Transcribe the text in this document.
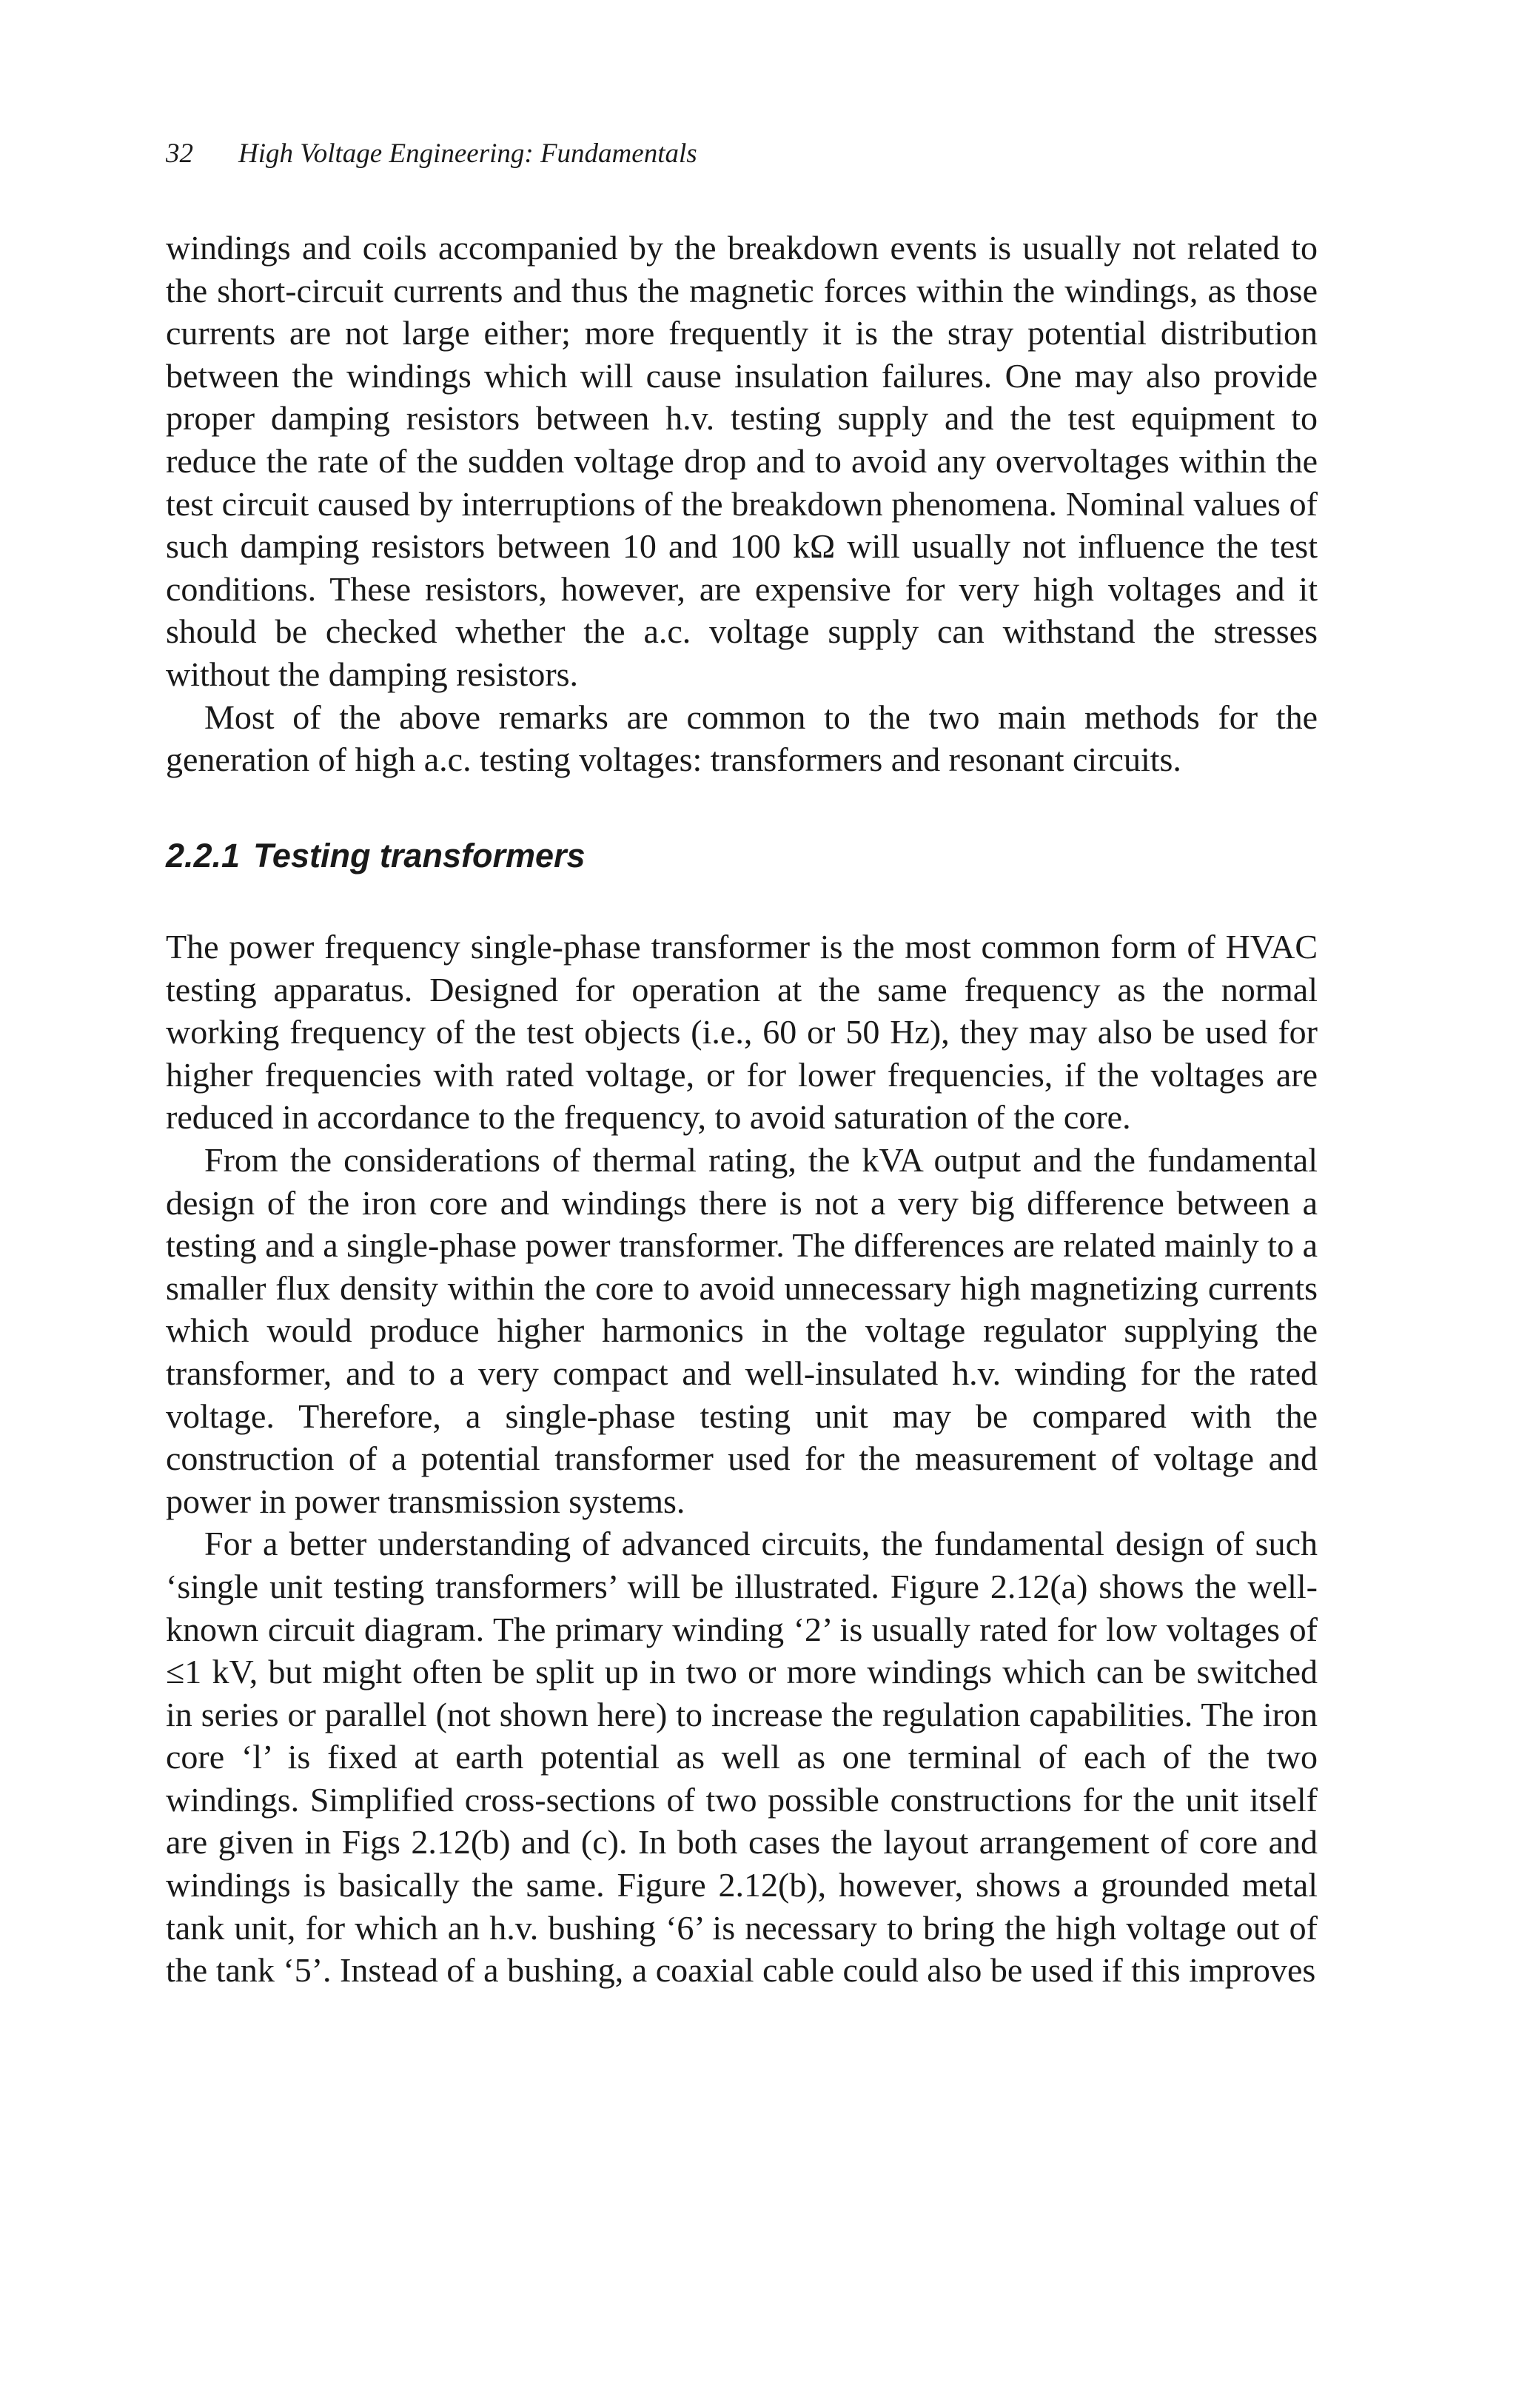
32 High Voltage Engineering: Fundamentals

windings and coils accompanied by the breakdown events is usually not related to the short-circuit currents and thus the magnetic forces within the windings, as those currents are not large either; more frequently it is the stray potential distribution between the windings which will cause insulation failures. One may also provide proper damping resistors between h.v. testing supply and the test equipment to reduce the rate of the sudden voltage drop and to avoid any overvoltages within the test circuit caused by interruptions of the breakdown phenomena. Nominal values of such damping resistors between 10 and 100 kΩ will usually not influence the test conditions. These resistors, however, are expensive for very high voltages and it should be checked whether the a.c. voltage supply can withstand the stresses without the damping resistors.

Most of the above remarks are common to the two main methods for the generation of high a.c. testing voltages: transformers and resonant circuits.

2.2.1 Testing transformers

The power frequency single-phase transformer is the most common form of HVAC testing apparatus. Designed for operation at the same frequency as the normal working frequency of the test objects (i.e., 60 or 50 Hz), they may also be used for higher frequencies with rated voltage, or for lower frequencies, if the voltages are reduced in accordance to the frequency, to avoid saturation of the core.

From the considerations of thermal rating, the kVA output and the fundamental design of the iron core and windings there is not a very big difference between a testing and a single-phase power transformer. The differences are related mainly to a smaller flux density within the core to avoid unnecessary high magnetizing currents which would produce higher harmonics in the voltage regulator supplying the transformer, and to a very compact and well-insulated h.v. winding for the rated voltage. Therefore, a single-phase testing unit may be compared with the construction of a potential transformer used for the measurement of voltage and power in power transmission systems.

For a better understanding of advanced circuits, the fundamental design of such ‘single unit testing transformers’ will be illustrated. Figure 2.12(a) shows the well-known circuit diagram. The primary winding ‘2’ is usually rated for low voltages of ≤1 kV, but might often be split up in two or more windings which can be switched in series or parallel (not shown here) to increase the regulation capabilities. The iron core ‘l’ is fixed at earth potential as well as one terminal of each of the two windings. Simplified cross-sections of two possible constructions for the unit itself are given in Figs 2.12(b) and (c). In both cases the layout arrangement of core and windings is basically the same. Figure 2.12(b), however, shows a grounded metal tank unit, for which an h.v. bushing ‘6’ is necessary to bring the high voltage out of the tank ‘5’. Instead of a bushing, a coaxial cable could also be used if this improves
